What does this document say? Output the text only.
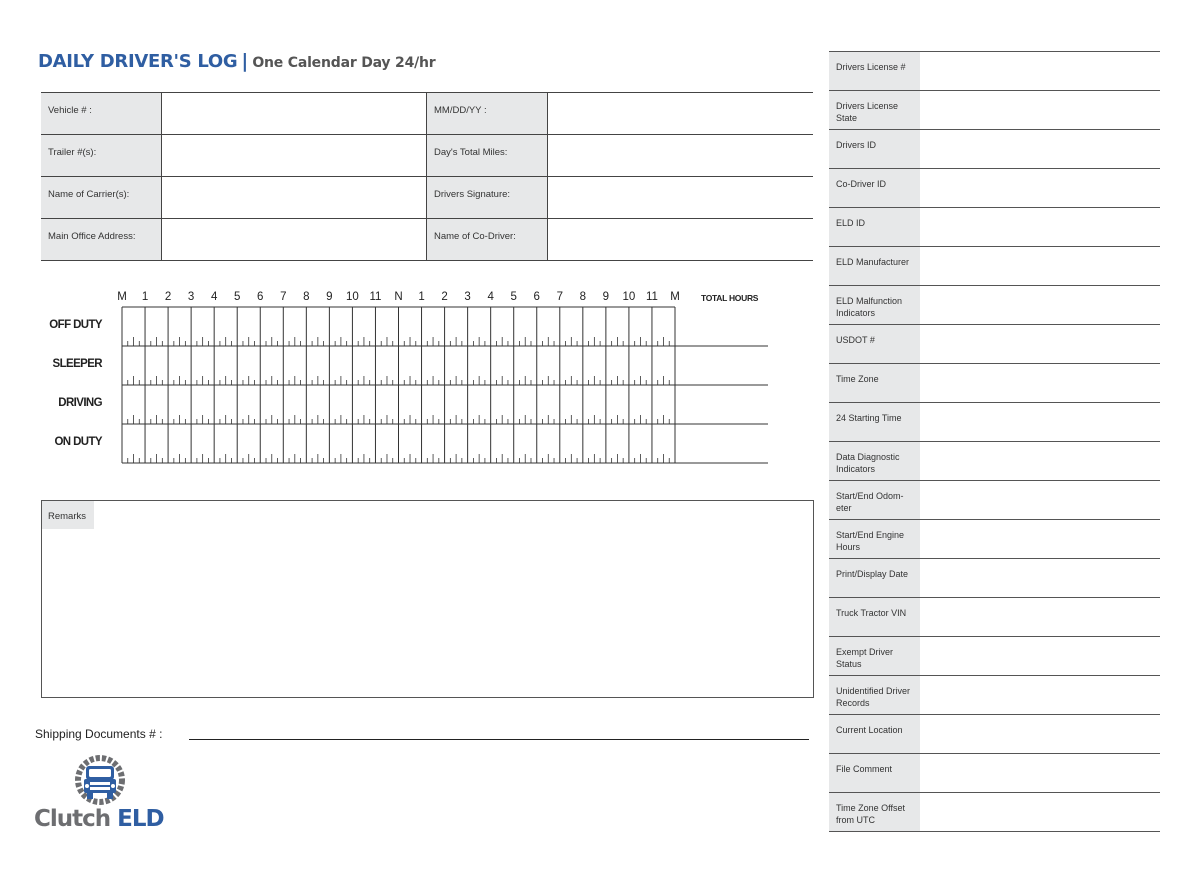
DAILY DRIVER'S LOG | One Calendar Day 24/hr
Vehicle # :	MM/DD/YY :
Trailer #(s):	Day's Total Miles:
Name of Carrier(s):	Drivers Signature:
Main Office Address:	Name of Co-Driver:
M 1 2 3 4 5 6 7 8 9 10 11 N 1 2 3 4 5 6 7 8 9 10 11 M TOTAL HOURS
OFF DUTY
SLEEPER
DRIVING
ON DUTY
Remarks
Shipping Documents # :
Clutch ELD
Drivers License #
Drivers License State
Drivers ID
Co-Driver ID
ELD ID
ELD Manufacturer
ELD Malfunction Indicators
USDOT #
Time Zone
24 Starting Time
Data Diagnostic Indicators
Start/End Odom- eter
Start/End Engine Hours
Print/Display Date
Truck Tractor VIN
Exempt Driver Status
Unidentified Driver Records
Current Location
File Comment
Time Zone Offset from UTC
